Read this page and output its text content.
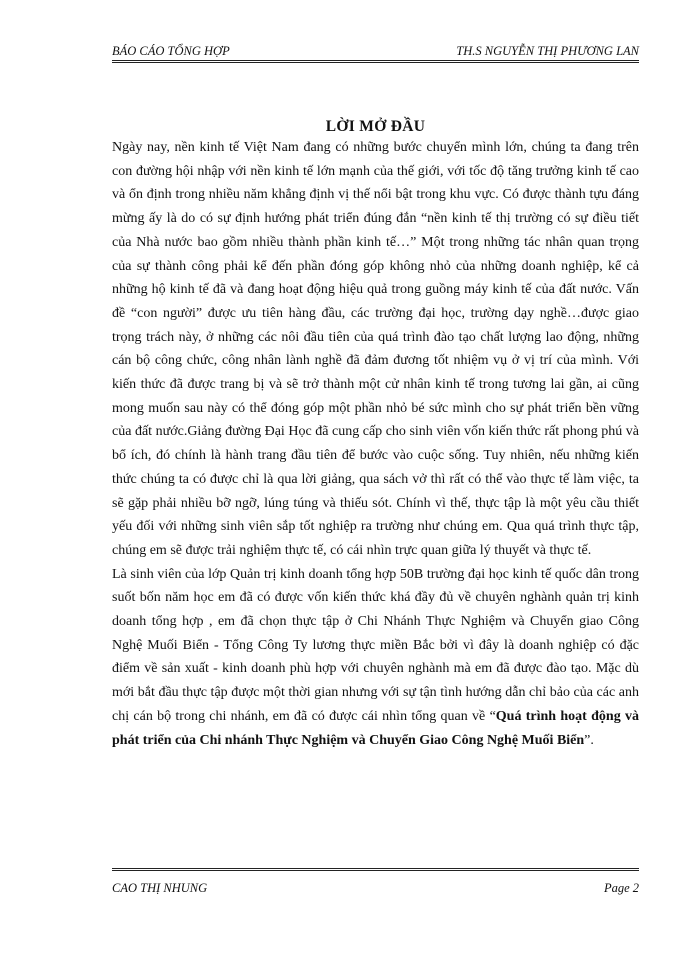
BÁO CÁO TỔNG HỢP	TH.S NGUYỄN THỊ PHƯƠNG LAN
LỜI MỞ ĐẦU

Ngày nay, nền kinh tế Việt Nam đang có những bước chuyển mình lớn, chúng ta đang trên con đường hội nhập với nền kinh tế lớn mạnh của thế giới, với tốc độ tăng trưởng kinh tế cao và ổn định trong nhiều năm khẳng định vị thế nổi bật trong khu vực. Có được thành tựu đáng mừng ấy là do có sự định hướng phát triển đúng đắn “nền kinh tế thị trường có sự điều tiết của Nhà nước bao gồm nhiều thành phần kinh tế…” Một trong những tác nhân quan trọng của sự thành công phải kể đến phần đóng góp không nhỏ của những doanh nghiệp, kể cả những hộ kinh tế đã và đang hoạt động hiệu quả trong guồng máy kinh tế của đất nước. Vấn đề “con người” được ưu tiên hàng đầu, các trường đại học, trường dạy nghề…được giao trọng trách này, ở những các nôi đầu tiên của quá trình đào tạo chất lượng lao động, những cán bộ công chức, công nhân lành nghề đã đảm đương tốt nhiệm vụ ở vị trí của mình. Với kiến thức đã được trang bị và sẽ trở thành một cử nhân kinh tế trong tương lai gần, ai cũng mong muốn sau này có thể đóng góp một phần nhỏ bé sức mình cho sự phát triển bền vững của đất nước.Giảng đường Đại Học đã cung cấp cho sinh viên vốn kiến thức rất phong phú và bổ ích, đó chính là hành trang đầu tiên để bước vào cuộc sống. Tuy nhiên, nếu những kiến thức chúng ta có được chỉ là qua lời giảng, qua sách vở thì rất có thể vào thực tế làm việc, ta sẽ gặp phải nhiều bỡ ngỡ, lúng túng và thiếu sót. Chính vì thế, thực tập là một yêu cầu thiết yếu đối với những sinh viên sắp tốt nghiệp ra trường như chúng em. Qua quá trình thực tập, chúng em sẽ được trải nghiệm thực tế, có cái nhìn trực quan giữa lý thuyết và thực tế.

Là sinh viên của lớp Quản trị kinh doanh tổng hợp 50B trường đại học kinh tế quốc dân trong suốt bốn năm học em đã có được vốn kiến thức khá đầy đủ về chuyên nghành quản trị kinh doanh tổng hợp , em đã chọn thực tập ở Chi Nhánh Thực Nghiệm và Chuyển giao Công Nghệ Muối Biển - Tổng Công Ty lương thực miền Bắc bởi vì đây là doanh nghiệp có đặc điểm về sản xuất - kinh doanh phù hợp với chuyên nghành mà em đã được đào tạo. Mặc dù mới bắt đầu thực tập được một thời gian nhưng với sự tận tình hướng dẫn chỉ bảo của các anh chị cán bộ trong chi nhánh, em đã có được cái nhìn tổng quan về “Quá trình hoạt động và phát triển của Chi nhánh Thực Nghiệm và Chuyển Giao Công Nghệ Muối Biển”.

CAO THỊ NHUNG	Page 2
